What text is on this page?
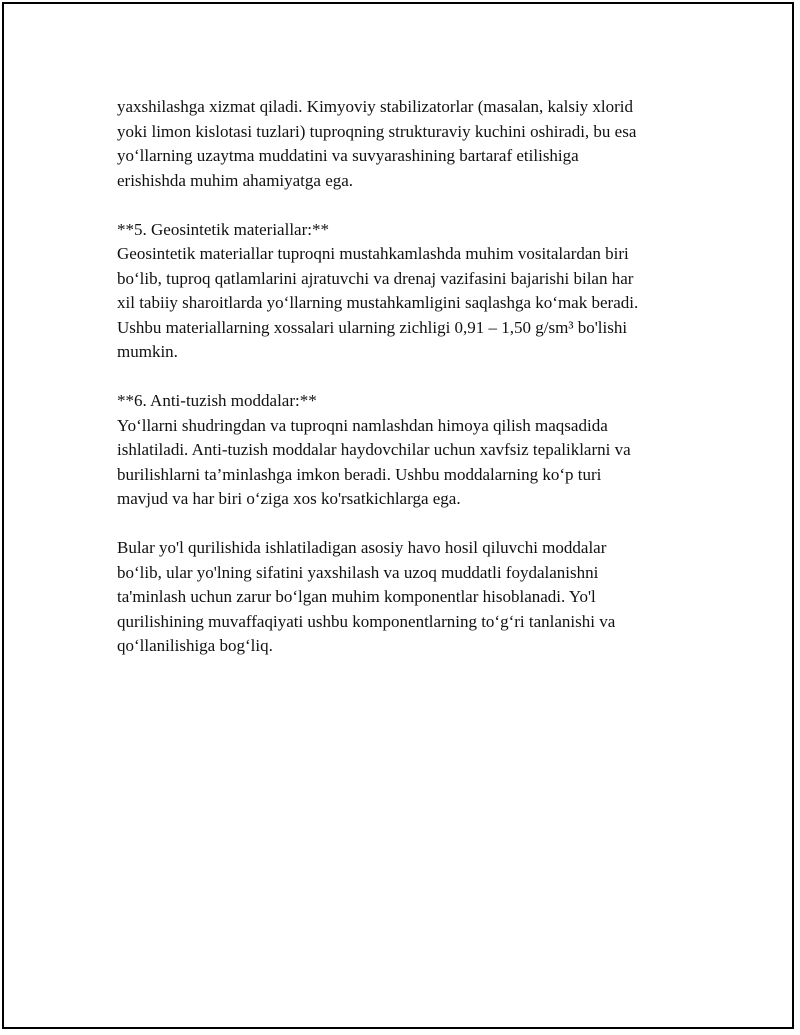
yaxshilashga xizmat qiladi. Kimyoviy stabilizatorlar (masalan, kalsiy xlorid
yoki limon kislotasi tuzlari) tuproqning strukturaviy kuchini oshiradi, bu esa
yo‘llarning uzaytma muddatini va suvyarashining bartaraf etilishiga
erishishda muhim ahamiyatga ega.

**5. Geosintetik materiallar:**
Geosintetik materiallar tuproqni mustahkamlashda muhim vositalardan biri
bo‘lib, tuproq qatlamlarini ajratuvchi va drenaj vazifasini bajarishi bilan har
xil tabiiy sharoitlarda yo‘llarning mustahkamligini saqlashga ko‘mak beradi.
Ushbu materiallarning xossalari ularning zichligi 0,91 – 1,50 g/sm³ bo'lishi
mumkin.

**6. Anti-tuzish moddalar:**
Yo‘llarni shudringdan va tuproqni namlashdan himoya qilish maqsadida
ishlatiladi. Anti-tuzish moddalar haydovchilar uchun xavfsiz tepaliklarni va
burilishlarni ta’minlashga imkon beradi. Ushbu moddalarning ko‘p turi
mavjud va har biri o‘ziga xos ko'rsatkichlarga ega.

Bular yo'l qurilishida ishlatiladigan asosiy havo hosil qiluvchi moddalar
bo‘lib, ular yo'lning sifatini yaxshilash va uzoq muddatli foydalanishni
ta'minlash uchun zarur bo‘lgan muhim komponentlar hisoblanadi. Yo'l
qurilishining muvaffaqiyati ushbu komponentlarning to‘g‘ri tanlanishi va
qo‘llanilishiga bog‘liq.
